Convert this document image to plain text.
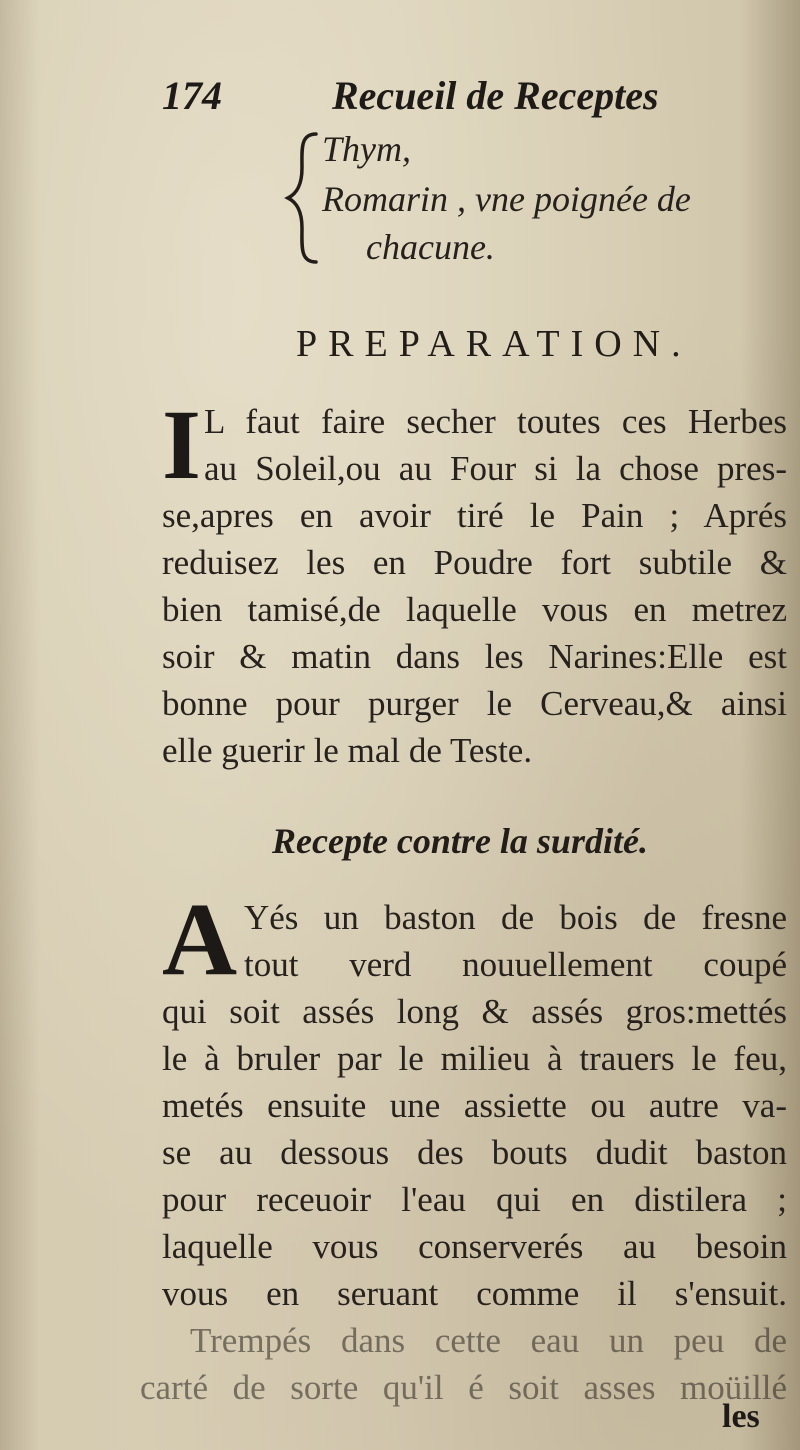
174	Recueil de Receptes
Thym,
Romarin , vne poignée de
chacune.
PREPARATION.
I L faut faire secher toutes ces Herbes
au Soleil,ou au Four si la chose pres-
se,apres en avoir tiré le Pain ; Aprés
reduisez les en Poudre fort subtile &
bien tamisé,de laquelle vous en metrez
soir & matin dans les Narines:Elle est
bonne pour purger le Cerveau,& ainsi
elle guerir le mal de Teste.
Recepte contre la surdité.
A Yés un baston de bois de fresne
tout verd nouuellement coupé
qui soit assés long & assés gros:mettés
le à bruler par le milieu à trauers le feu,
metés ensuite une assiette ou autre va-
se au dessous des bouts dudit baston
pour receuoir l'eau qui en distilera ;
laquelle vous conserverés au besoin
vous en seruant comme il s'ensuit.
Trempés dans cette eau un peu de
carté de sorte qu'il é soit asses moüillé
les
